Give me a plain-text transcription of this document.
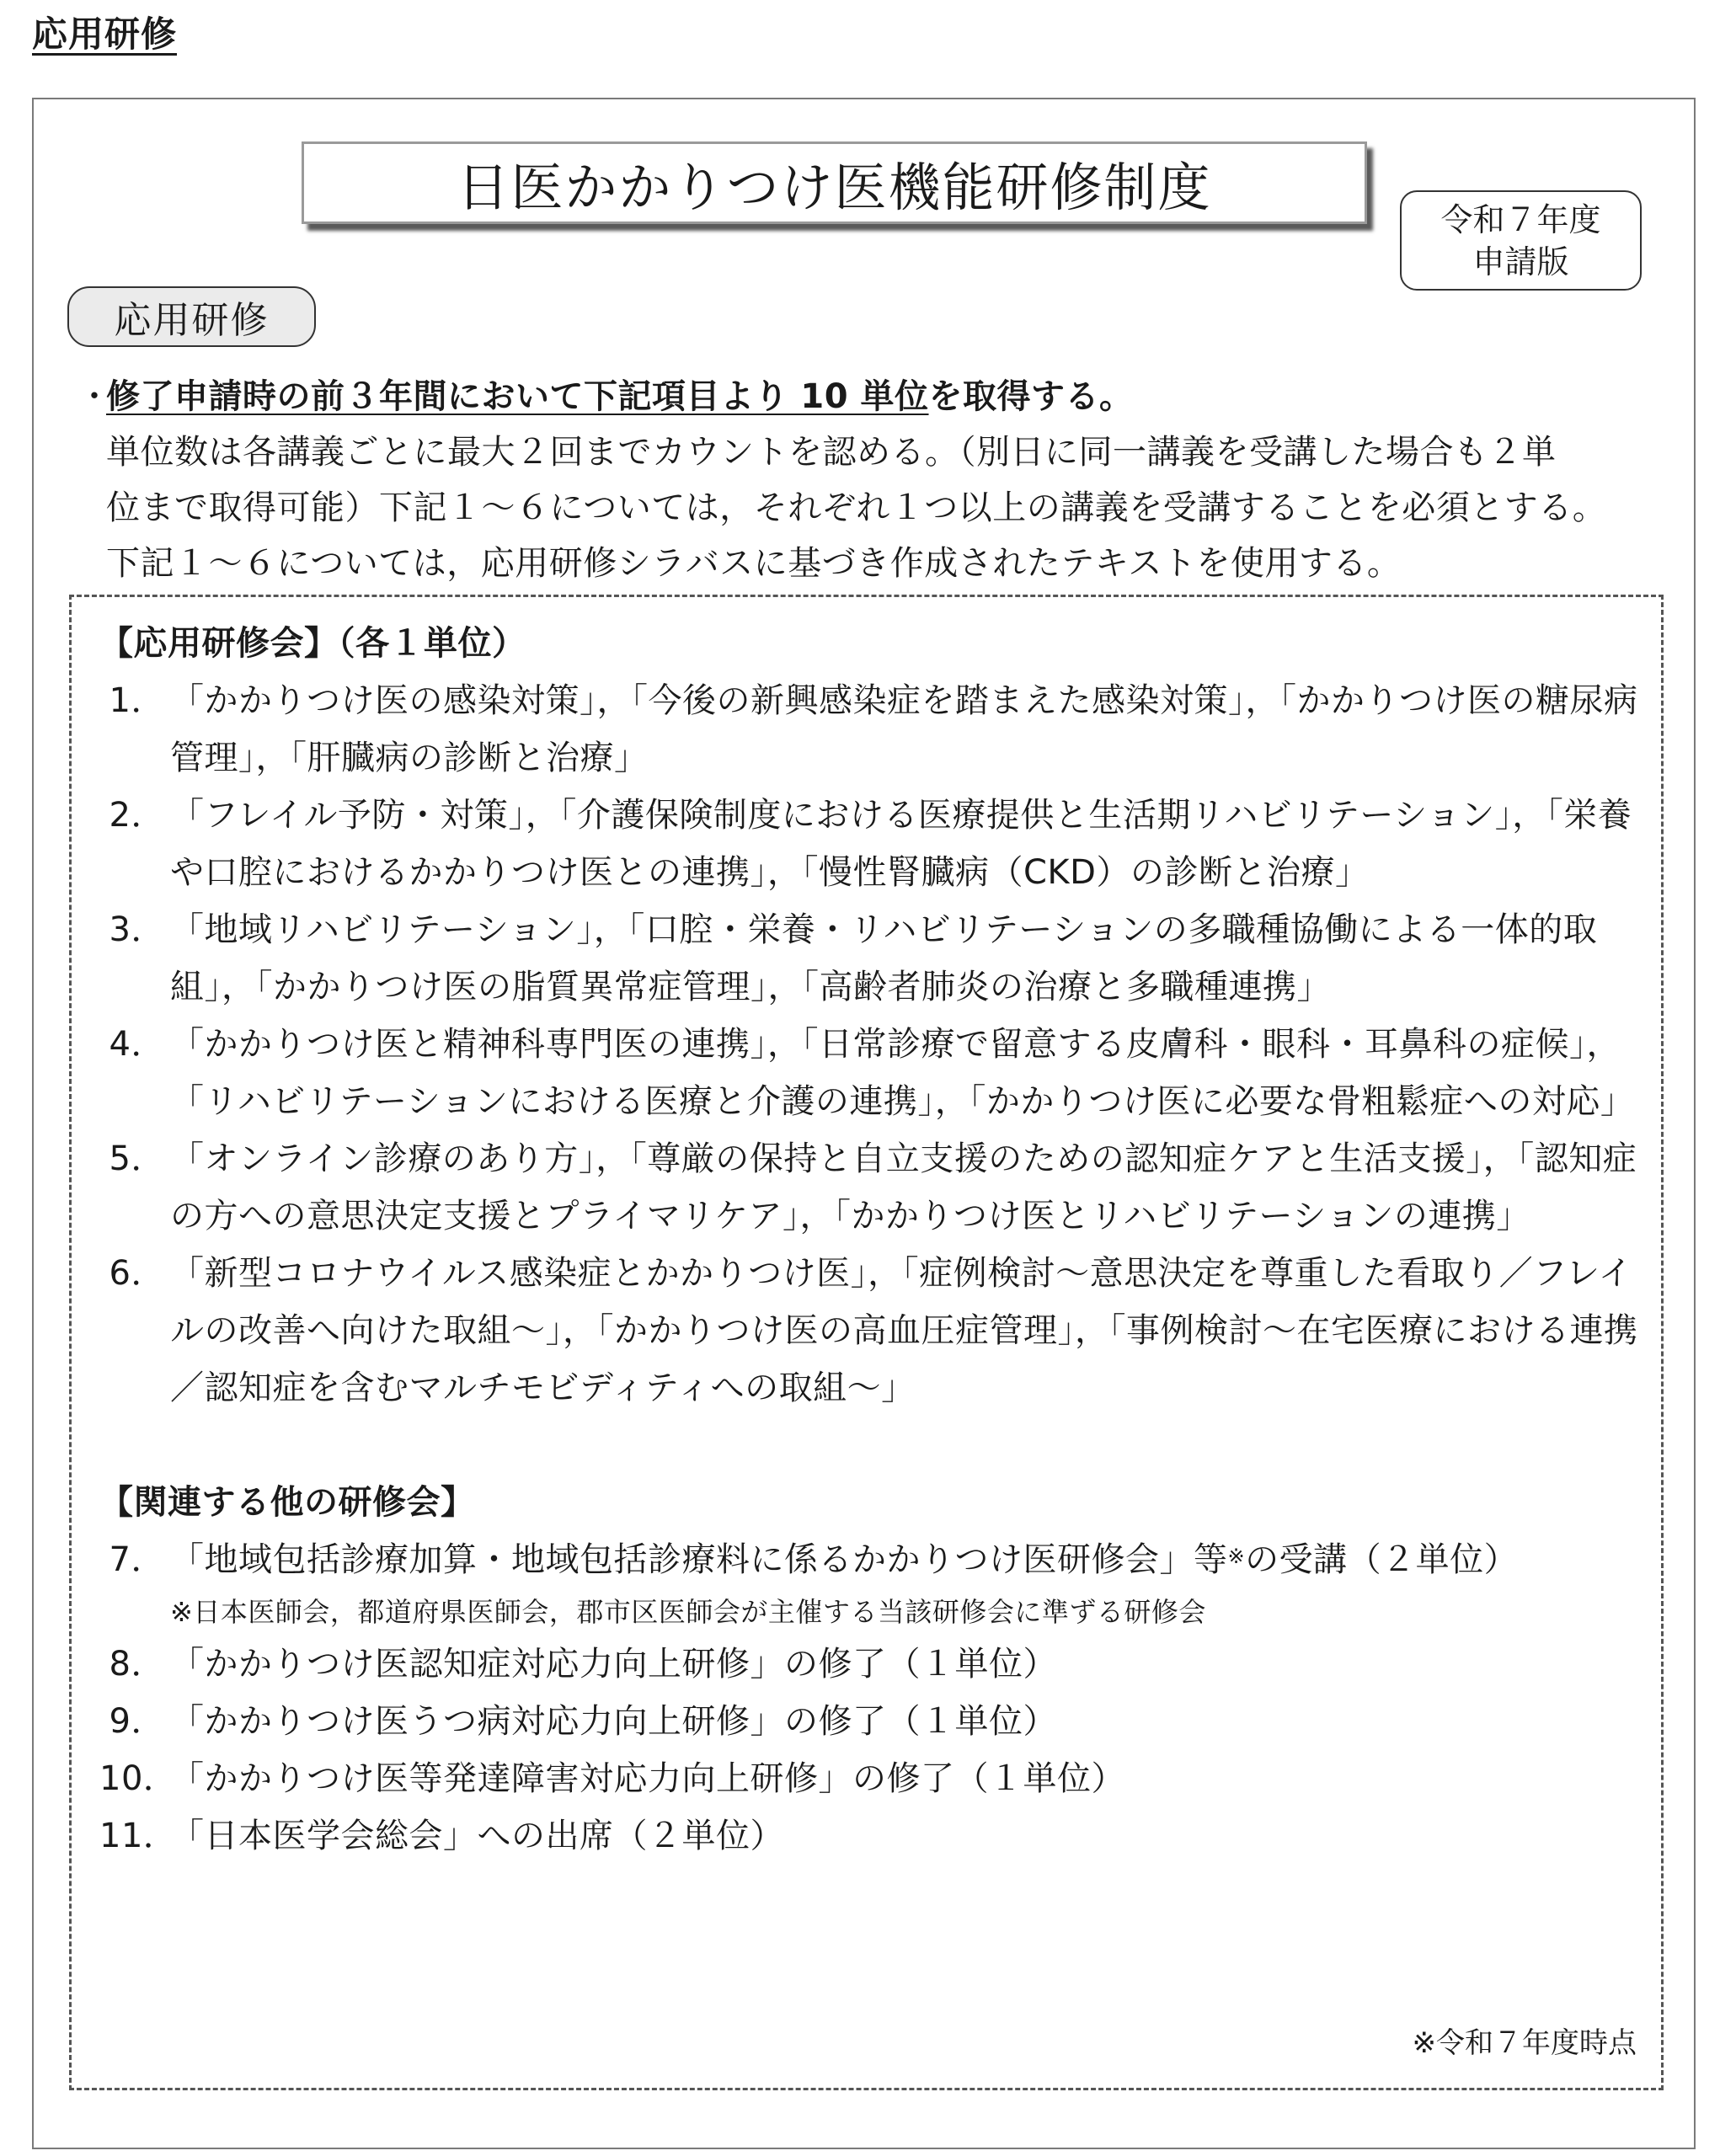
応用研修
日医かかりつけ医機能研修制度
令和７年度
申請版
応用研修
・修了申請時の前３年間において下記項目より 10 単位を取得する。
単位数は各講義ごとに最大２回までカウントを認める。（別日に同一講義を受講した場合も２単
位まで取得可能）下記１～６については，それぞれ１つ以上の講義を受講することを必須とする。
下記１～６については，応用研修シラバスに基づき作成されたテキストを使用する。
【応用研修会】（各１単位）
1． 「かかりつけ医の感染対策」，「今後の新興感染症を踏まえた感染対策」，「かかりつけ医の糖尿病管理」，「肝臓病の診断と治療」
2． 「フレイル予防・対策」，「介護保険制度における医療提供と生活期リハビリテーション」，「栄養や口腔におけるかかりつけ医との連携」，「慢性腎臓病（CKD）の診断と治療」
3． 「地域リハビリテーション」，「口腔・栄養・リハビリテーションの多職種協働による一体的取組」，「かかりつけ医の脂質異常症管理」，「高齢者肺炎の治療と多職種連携」
4． 「かかりつけ医と精神科専門医の連携」，「日常診療で留意する皮膚科・眼科・耳鼻科の症候」，「リハビリテーションにおける医療と介護の連携」，「かかりつけ医に必要な骨粗鬆症への対応」
5． 「オンライン診療のあり方」，「尊厳の保持と自立支援のための認知症ケアと生活支援」，「認知症の方への意思決定支援とプライマリケア」，「かかりつけ医とリハビリテーションの連携」
6． 「新型コロナウイルス感染症とかかりつけ医」，「症例検討～意思決定を尊重した看取り／フレイルの改善へ向けた取組～」，「かかりつけ医の高血圧症管理」，「事例検討～在宅医療における連携／認知症を含むマルチモビディティへの取組～」
【関連する他の研修会】
7． 「地域包括診療加算・地域包括診療料に係るかかりつけ医研修会」等※の受講（２単位）
※日本医師会，都道府県医師会，郡市区医師会が主催する当該研修会に準ずる研修会
8． 「かかりつけ医認知症対応力向上研修」の修了（１単位）
9． 「かかりつけ医うつ病対応力向上研修」の修了（１単位）
10．
「かかりつけ医等発達障害対応力向上研修」の修了（１単位）
11．
「日本医学会総会」への出席（２単位）
※令和７年度時点
